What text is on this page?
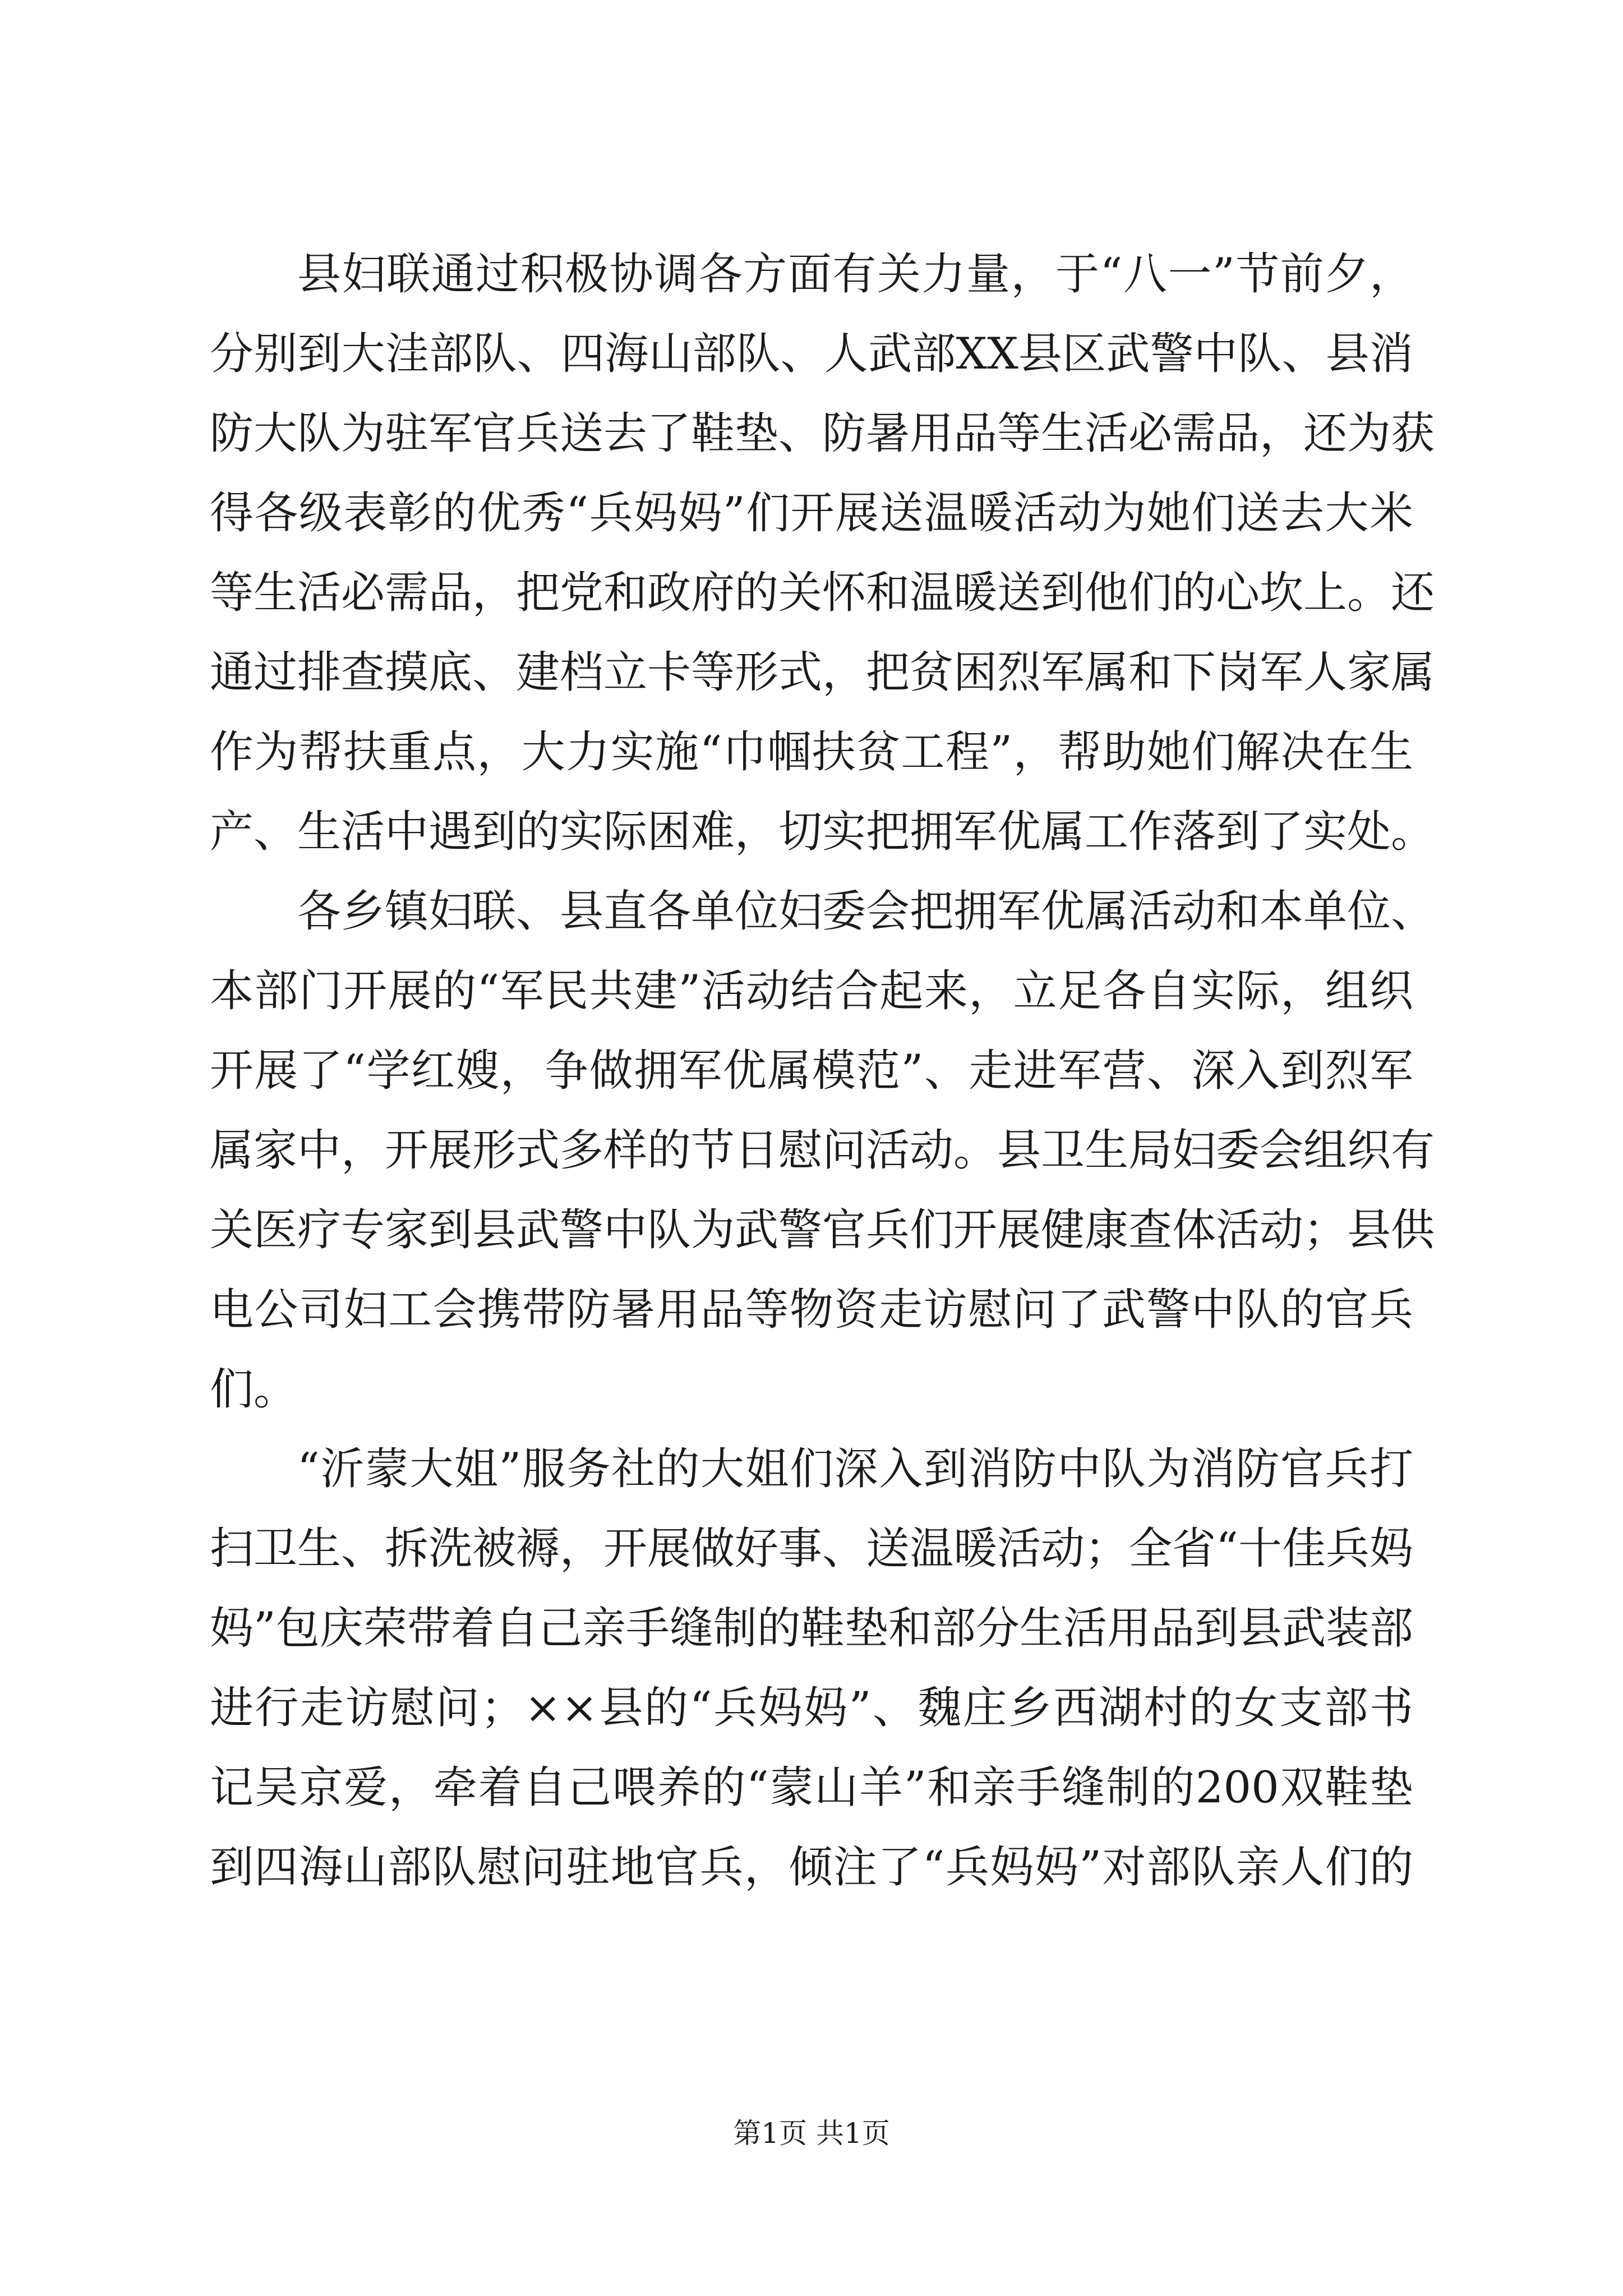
县妇联通过积极协调各方面有关力量，于“八一”节前夕，
分别到大洼部队、四海山部队、人武部XX县区武警中队、县消
防大队为驻军官兵送去了鞋垫、防暑用品等生活必需品，还为获
得各级表彰的优秀“兵妈妈”们开展送温暖活动为她们送去大米
等生活必需品，把党和政府的关怀和温暖送到他们的心坎上。还
通过排查摸底、建档立卡等形式，把贫困烈军属和下岗军人家属
作为帮扶重点，大力实施“巾帼扶贫工程”，帮助她们解决在生
产、生活中遇到的实际困难，切实把拥军优属工作落到了实处。
各乡镇妇联、县直各单位妇委会把拥军优属活动和本单位、
本部门开展的“军民共建”活动结合起来，立足各自实际，组织
开展了“学红嫂，争做拥军优属模范”、走进军营、深入到烈军
属家中，开展形式多样的节日慰问活动。县卫生局妇委会组织有
关医疗专家到县武警中队为武警官兵们开展健康查体活动；县供
电公司妇工会携带防暑用品等物资走访慰问了武警中队的官兵
们。
“沂蒙大姐”服务社的大姐们深入到消防中队为消防官兵打
扫卫生、拆洗被褥，开展做好事、送温暖活动；全省“十佳兵妈
妈”包庆荣带着自己亲手缝制的鞋垫和部分生活用品到县武装部
进行走访慰问；××县的“兵妈妈”、魏庄乡西湖村的女支部书
记吴京爱，牵着自己喂养的“蒙山羊”和亲手缝制的200双鞋垫
到四海山部队慰问驻地官兵，倾注了“兵妈妈”对部队亲人们的
第1页 共1页
